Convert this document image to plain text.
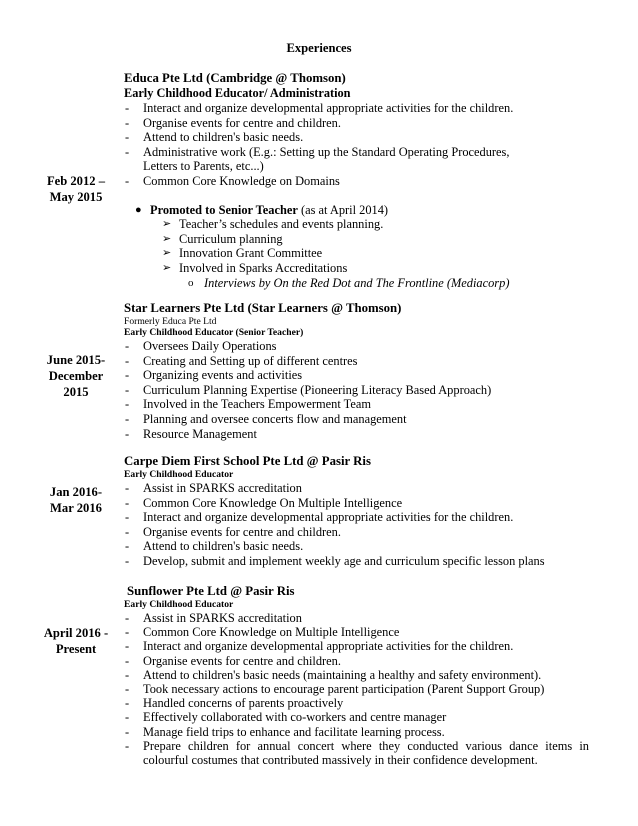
Experiences
Feb 2012 –
May 2015
Educa Pte Ltd (Cambridge @ Thomson)
Early Childhood Educator/ Administration
- Interact and organize developmental appropriate activities for the children.
- Organise events for centre and children.
- Attend to children's basic needs.
- Administrative work (E.g.: Setting up the Standard Operating Procedures, Letters to Parents, etc...)
- Common Core Knowledge on Domains
● Promoted to Senior Teacher (as at April 2014)
➢ Teacher’s schedules and events planning.
➢ Curriculum planning
➢ Innovation Grant Committee
➢ Involved in Sparks Accreditations
o Interviews by On the Red Dot and The Frontline (Mediacorp)
June 2015-
December
2015
Star Learners Pte Ltd (Star Learners @ Thomson)
Formerly Educa Pte Ltd
Early Childhood Educator (Senior Teacher)
- Oversees Daily Operations
- Creating and Setting up of different centres
- Organizing events and activities
- Curriculum Planning Expertise (Pioneering Literacy Based Approach)
- Involved in the Teachers Empowerment Team
- Planning and oversee concerts flow and management
- Resource Management
Jan 2016-
Mar 2016
Carpe Diem First School Pte Ltd @ Pasir Ris
Early Childhood Educator
- Assist in SPARKS accreditation
- Common Core Knowledge On Multiple Intelligence
- Interact and organize developmental appropriate activities for the children.
- Organise events for centre and children.
- Attend to children's basic needs.
- Develop, submit and implement weekly age and curriculum specific lesson plans
April 2016 -
Present
Sunflower Pte Ltd @ Pasir Ris
Early Childhood Educator
- Assist in SPARKS accreditation
- Common Core Knowledge on Multiple Intelligence
- Interact and organize developmental appropriate activities for the children.
- Organise events for centre and children.
- Attend to children's basic needs (maintaining a healthy and safety environment).
- Took necessary actions to encourage parent participation (Parent Support Group)
- Handled concerns of parents proactively
- Effectively collaborated with co-workers and centre manager
- Manage field trips to enhance and facilitate learning process.
- Prepare children for annual concert where they conducted various dance items in colourful costumes that contributed massively in their confidence development.
